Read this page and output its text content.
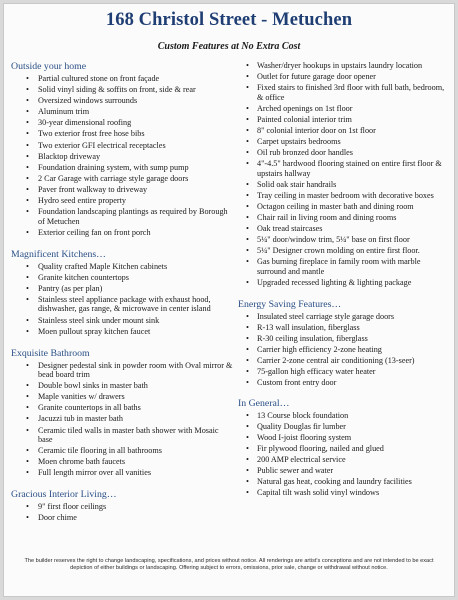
168 Christol Street - Metuchen
Custom Features at No Extra Cost
Outside your home
• Partial cultured stone on front façade
• Solid vinyl siding & soffits on front, side & rear
• Oversized windows surrounds
• Aluminum trim
• 30-year dimensional roofing
• Two exterior frost free hose bibs
• Two exterior GFI electrical receptacles
• Blacktop driveway
• Foundation draining system, with sump pump
• 2 Car Garage with carriage style garage doors
• Paver front walkway to driveway
• Hydro seed entire property
• Foundation landscaping plantings as required by Borough of Metuchen
• Exterior ceiling fan on front porch
Magnificent Kitchens…
• Quality crafted Maple Kitchen cabinets
• Granite kitchen countertops
• Pantry (as per plan)
• Stainless steel appliance package with exhaust hood, dishwasher, gas range, & microwave in center island
• Stainless steel sink under mount sink
• Moen pullout spray kitchen faucet
Exquisite Bathroom
• Designer pedestal sink in powder room with Oval mirror & bead board trim
• Double bowl sinks in master bath
• Maple vanities w/ drawers
• Granite countertops in all baths
• Jacuzzi tub in master bath
• Ceramic tiled walls in master bath shower with Mosaic base
• Ceramic tile flooring in all bathrooms
• Moen chrome bath faucets
• Full length mirror over all vanities
Gracious Interior Living…
• 9" first floor ceilings
• Door chime
• Washer/dryer hookups in upstairs laundry location
• Outlet for future garage door opener
• Fixed stairs to finished 3rd floor with full bath, bedroom, & office
• Arched openings on 1st floor
• Painted colonial interior trim
• 8" colonial interior door on 1st floor
• Carpet upstairs bedrooms
• Oil rub bronzed door handles
• 4"-4.5" hardwood flooring stained on entire first floor & upstairs hallway
• Solid oak stair handrails
• Tray ceiling in master bedroom with decorative boxes
• Octagon ceiling in master bath and dining room
• Chair rail in living room and dining rooms
• Oak tread staircases
• 5¼" door/window trim, 5¼" base on first floor
• 5¼" Designer crown molding on entire first floor.
• Gas burning fireplace in family room with marble surround and mantle
• Upgraded recessed lighting & lighting package
Energy Saving Features…
• Insulated steel carriage style garage doors
• R-13 wall insulation, fiberglass
• R-30 ceiling insulation, fiberglass
• Carrier high efficiency 2-zone heating
• Carrier 2-zone central air conditioning (13-seer)
• 75-gallon high efficacy water heater
• Custom front entry door
In General…
• 13 Course block foundation
• Quality Douglas fir lumber
• Wood I-joist flooring system
• Fir plywood flooring, nailed and glued
• 200 AMP electrical service
• Public sewer and water
• Natural gas heat, cooking and laundry facilities
• Capital tilt wash solid vinyl windows
The builder reserves the right to change landscaping, specifications, and prices without notice. All renderings are artist's conceptions and are not intended to be exact depiction of either buildings or landscaping. Offering subject to errors, omissions, prior sale, change or withdrawal without notice.
